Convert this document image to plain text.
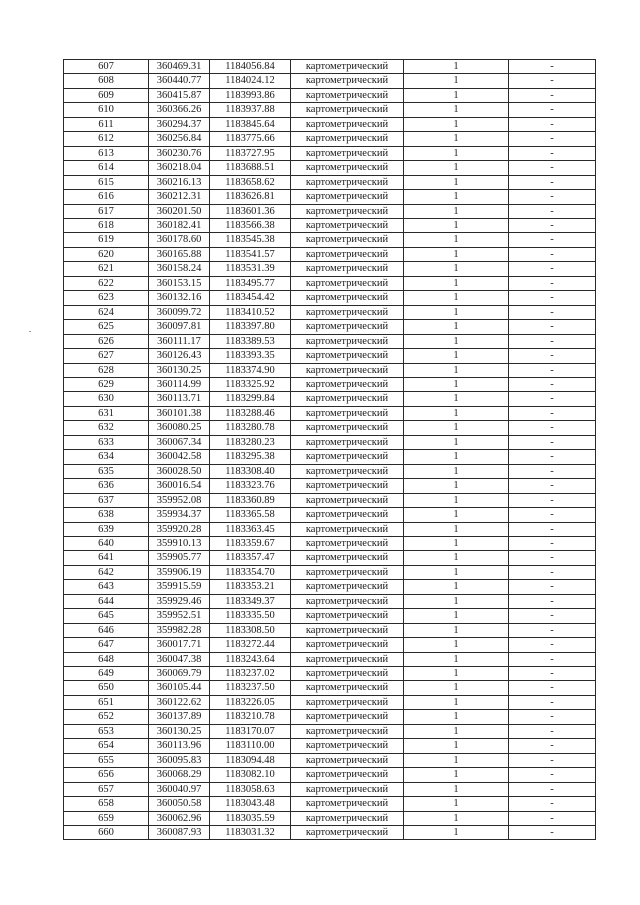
607	360469.31	1184056.84	картометрический	1	-
608	360440.77	1184024.12	картометрический	1	-
609	360415.87	1183993.86	картометрический	1	-
610	360366.26	1183937.88	картометрический	1	-
611	360294.37	1183845.64	картометрический	1	-
612	360256.84	1183775.66	картометрический	1	-
613	360230.76	1183727.95	картометрический	1	-
614	360218.04	1183688.51	картометрический	1	-
615	360216.13	1183658.62	картометрический	1	-
616	360212.31	1183626.81	картометрический	1	-
617	360201.50	1183601.36	картометрический	1	-
618	360182.41	1183566.38	картометрический	1	-
619	360178.60	1183545.38	картометрический	1	-
620	360165.88	1183541.57	картометрический	1	-
621	360158.24	1183531.39	картометрический	1	-
622	360153.15	1183495.77	картометрический	1	-
623	360132.16	1183454.42	картометрический	1	-
624	360099.72	1183410.52	картометрический	1	-
625	360097.81	1183397.80	картометрический	1	-
626	360111.17	1183389.53	картометрический	1	-
627	360126.43	1183393.35	картометрический	1	-
628	360130.25	1183374.90	картометрический	1	-
629	360114.99	1183325.92	картометрический	1	-
630	360113.71	1183299.84	картометрический	1	-
631	360101.38	1183288.46	картометрический	1	-
632	360080.25	1183280.78	картометрический	1	-
633	360067.34	1183280.23	картометрический	1	-
634	360042.58	1183295.38	картометрический	1	-
635	360028.50	1183308.40	картометрический	1	-
636	360016.54	1183323.76	картометрический	1	-
637	359952.08	1183360.89	картометрический	1	-
638	359934.37	1183365.58	картометрический	1	-
639	359920.28	1183363.45	картометрический	1	-
640	359910.13	1183359.67	картометрический	1	-
641	359905.77	1183357.47	картометрический	1	-
642	359906.19	1183354.70	картометрический	1	-
643	359915.59	1183353.21	картометрический	1	-
644	359929.46	1183349.37	картометрический	1	-
645	359952.51	1183335.50	картометрический	1	-
646	359982.28	1183308.50	картометрический	1	-
647	360017.71	1183272.44	картометрический	1	-
648	360047.38	1183243.64	картометрический	1	-
649	360069.79	1183237.02	картометрический	1	-
650	360105.44	1183237.50	картометрический	1	-
651	360122.62	1183226.05	картометрический	1	-
652	360137.89	1183210.78	картометрический	1	-
653	360130.25	1183170.07	картометрический	1	-
654	360113.96	1183110.00	картометрический	1	-
655	360095.83	1183094.48	картометрический	1	-
656	360068.29	1183082.10	картометрический	1	-
657	360040.97	1183058.63	картометрический	1	-
658	360050.58	1183043.48	картометрический	1	-
659	360062.96	1183035.59	картометрический	1	-
660	360087.93	1183031.32	картометрический	1	-
